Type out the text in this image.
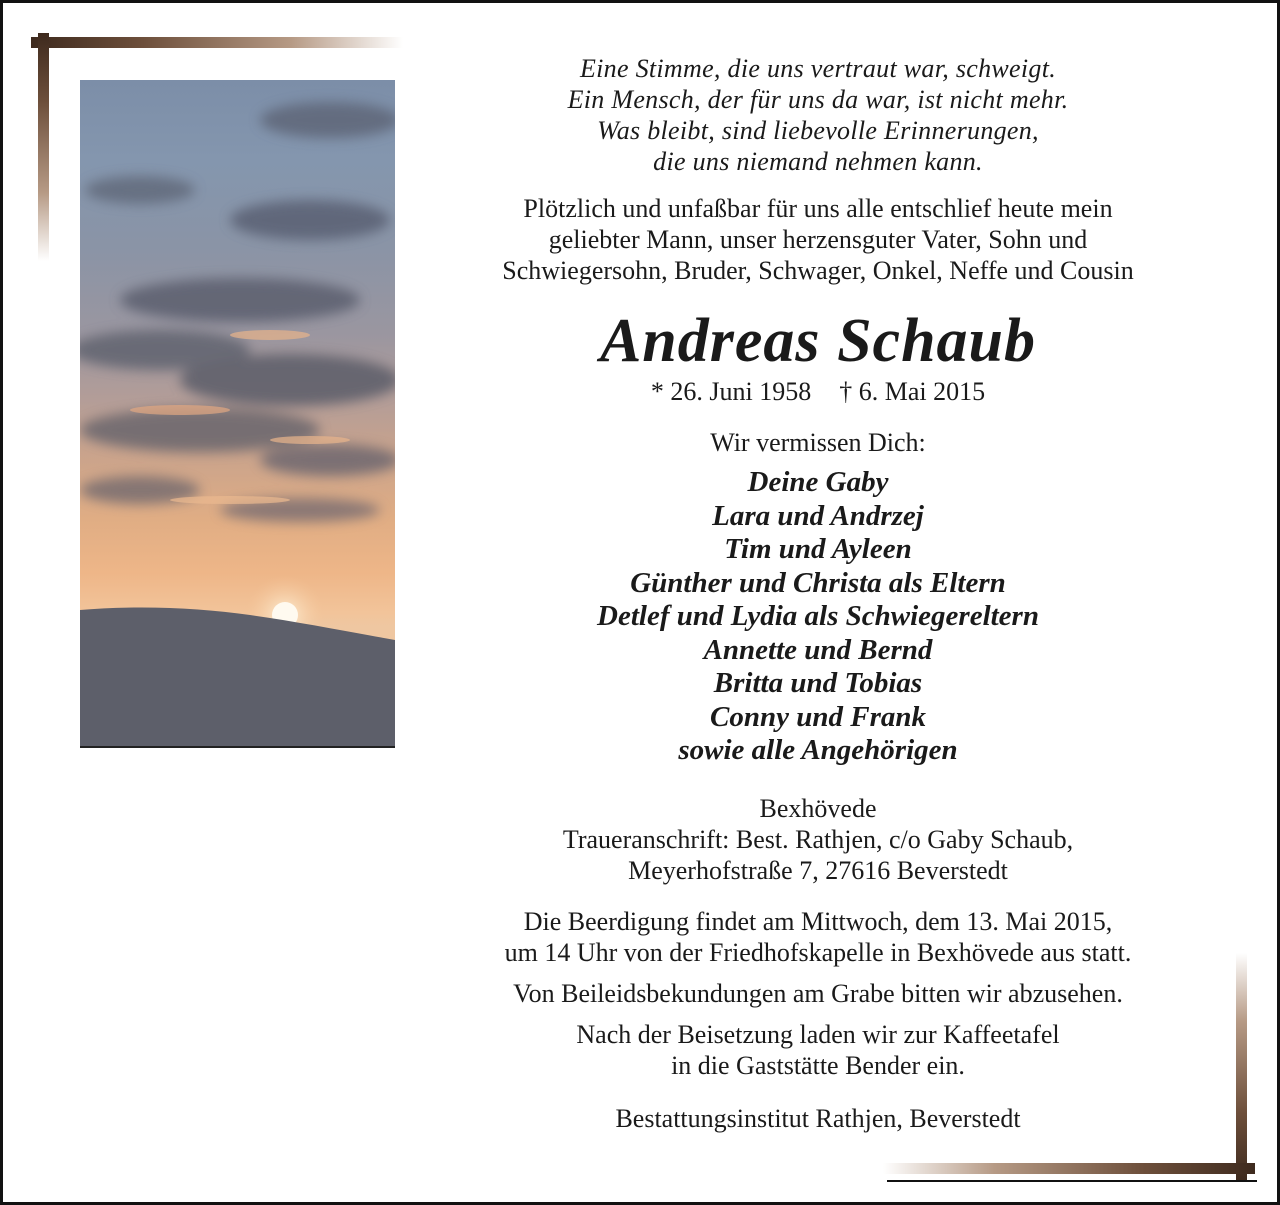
Eine Stimme, die uns vertraut war, schweigt.
Ein Mensch, der für uns da war, ist nicht mehr.
Was bleibt, sind liebevolle Erinnerungen,
die uns niemand nehmen kann.
Plötzlich und unfaßbar für uns alle entschlief heute mein
geliebter Mann, unser herzensguter Vater, Sohn und
Schwiegersohn, Bruder, Schwager, Onkel, Neffe und Cousin
Andreas Schaub
* 26. Juni 1958 † 6. Mai 2015
Wir vermissen Dich:
Deine Gaby
Lara und Andrzej
Tim und Ayleen
Günther und Christa als Eltern
Detlef und Lydia als Schwiegereltern
Annette und Bernd
Britta und Tobias
Conny und Frank
sowie alle Angehörigen
Bexhövede
Traueranschrift: Best. Rathjen, c/o Gaby Schaub,
Meyerhofstraße 7, 27616 Beverstedt
Die Beerdigung findet am Mittwoch, dem 13. Mai 2015,
um 14 Uhr von der Friedhofskapelle in Bexhövede aus statt.
Von Beileidsbekundungen am Grabe bitten wir abzusehen.
Nach der Beisetzung laden wir zur Kaffeetafel
in die Gaststätte Bender ein.
Bestattungsinstitut Rathjen, Beverstedt
